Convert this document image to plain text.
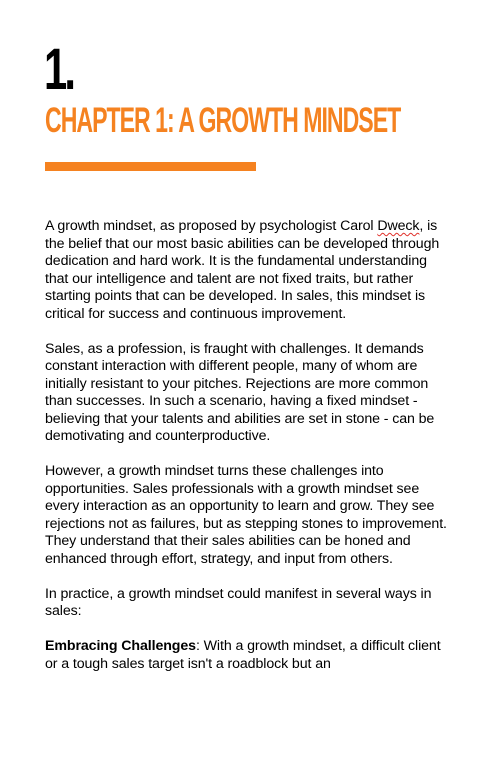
1.
CHAPTER 1: A GROWTH MINDSET

A growth mindset, as proposed by psychologist Carol Dweck, is the belief that our most basic abilities can be developed through dedication and hard work. It is the fundamental understanding that our intelligence and talent are not fixed traits, but rather starting points that can be developed. In sales, this mindset is critical for success and continuous improvement.

Sales, as a profession, is fraught with challenges. It demands constant interaction with different people, many of whom are initially resistant to your pitches. Rejections are more common than successes. In such a scenario, having a fixed mindset - believing that your talents and abilities are set in stone - can be demotivating and counterproductive.

However, a growth mindset turns these challenges into opportunities. Sales professionals with a growth mindset see every interaction as an opportunity to learn and grow. They see rejections not as failures, but as stepping stones to improvement. They understand that their sales abilities can be honed and enhanced through effort, strategy, and input from others.

In practice, a growth mindset could manifest in several ways in sales:

Embracing Challenges: With a growth mindset, a difficult client or a tough sales target isn't a roadblock but an
